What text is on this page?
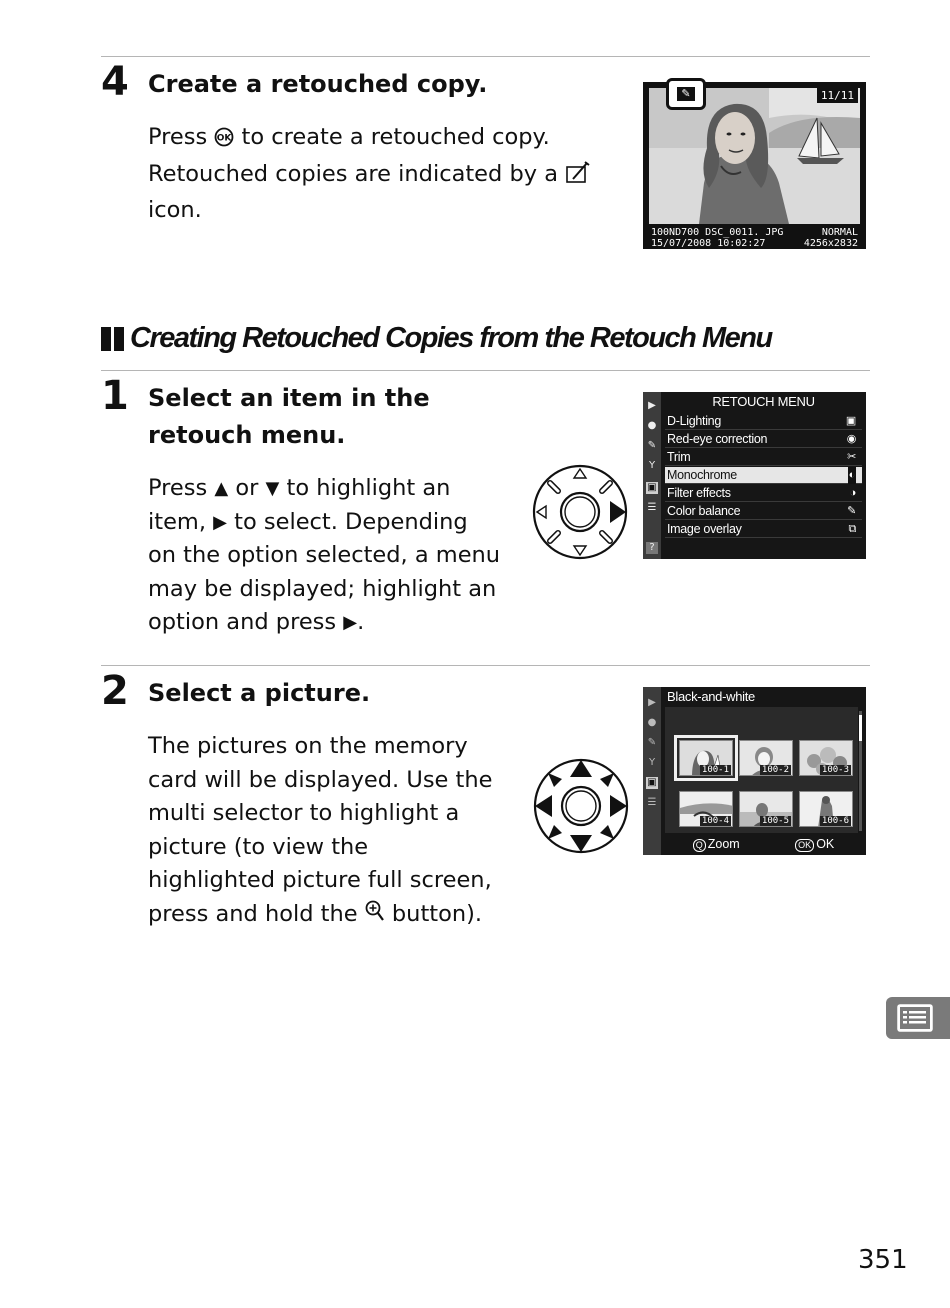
4 Create a retouched copy.
Press OK to create a retouched copy.
Retouched copies are indicated by a
icon.
✎	11/11
100ND700 DSC_0011. JPG	NORMAL
15/07/2008 10:02:27	4256x2832
Creating Retouched Copies from the Retouch Menu
1 Select an item in the
retouch menu.
Press ▲ or ▼ to highlight an
item, ▶ to select. Depending
on the option selected, a menu
may be displayed; highlight an
option and press ▶.
▶
●
✎
Y
▣
☰
?
RETOUCH MENU
D-Lighting	▣
Red-eye correction	◉
Trim	✂
Monochrome	◐
Filter effects	◑
Color balance	✎
Image overlay	⧉
2 Select a picture.
The pictures on the memory
card will be displayed. Use the
multi selector to highlight a
picture (to view the
highlighted picture full screen,
press and hold the  button).
▶
●
✎
Y
▣
☰
Black-and-white
100-1	100-2	100-3
100-4	100-5	100-6
Q Zoom	OK OK
351
